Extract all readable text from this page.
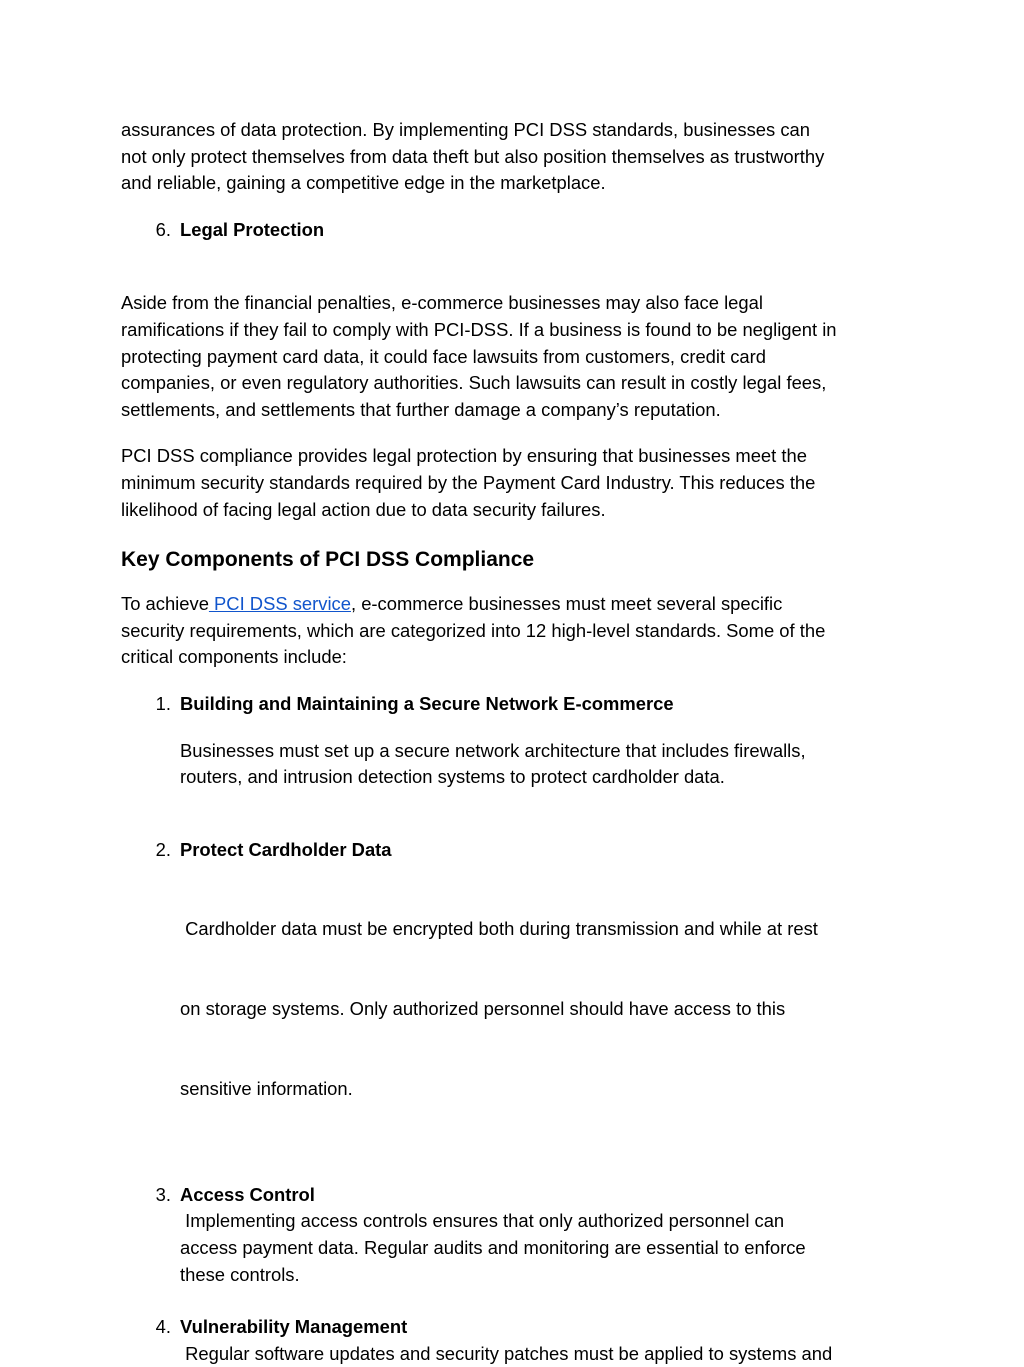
assurances of data protection. By implementing PCI DSS standards, businesses can
not only protect themselves from data theft but also position themselves as trustworthy
and reliable, gaining a competitive edge in the marketplace.
6. Legal Protection
Aside from the financial penalties, e-commerce businesses may also face legal
ramifications if they fail to comply with PCI-DSS. If a business is found to be negligent in
protecting payment card data, it could face lawsuits from customers, credit card
companies, or even regulatory authorities. Such lawsuits can result in costly legal fees,
settlements, and settlements that further damage a company’s reputation.
PCI DSS compliance provides legal protection by ensuring that businesses meet the
minimum security standards required by the Payment Card Industry. This reduces the
likelihood of facing legal action due to data security failures.
Key Components of PCI DSS Compliance
To achieve PCI DSS service, e-commerce businesses must meet several specific
security requirements, which are categorized into 12 high-level standards. Some of the
critical components include:
1. Building and Maintaining a Secure Network E-commerce
Businesses must set up a secure network architecture that includes firewalls,
routers, and intrusion detection systems to protect cardholder data.
2. Protect Cardholder Data

Cardholder data must be encrypted both during transmission and while at rest

on storage systems. Only authorized personnel should have access to this

sensitive information.

3. Access Control
Implementing access controls ensures that only authorized personnel can
access payment data. Regular audits and monitoring are essential to enforce
these controls.
4. Vulnerability Management
Regular software updates and security patches must be applied to systems and
